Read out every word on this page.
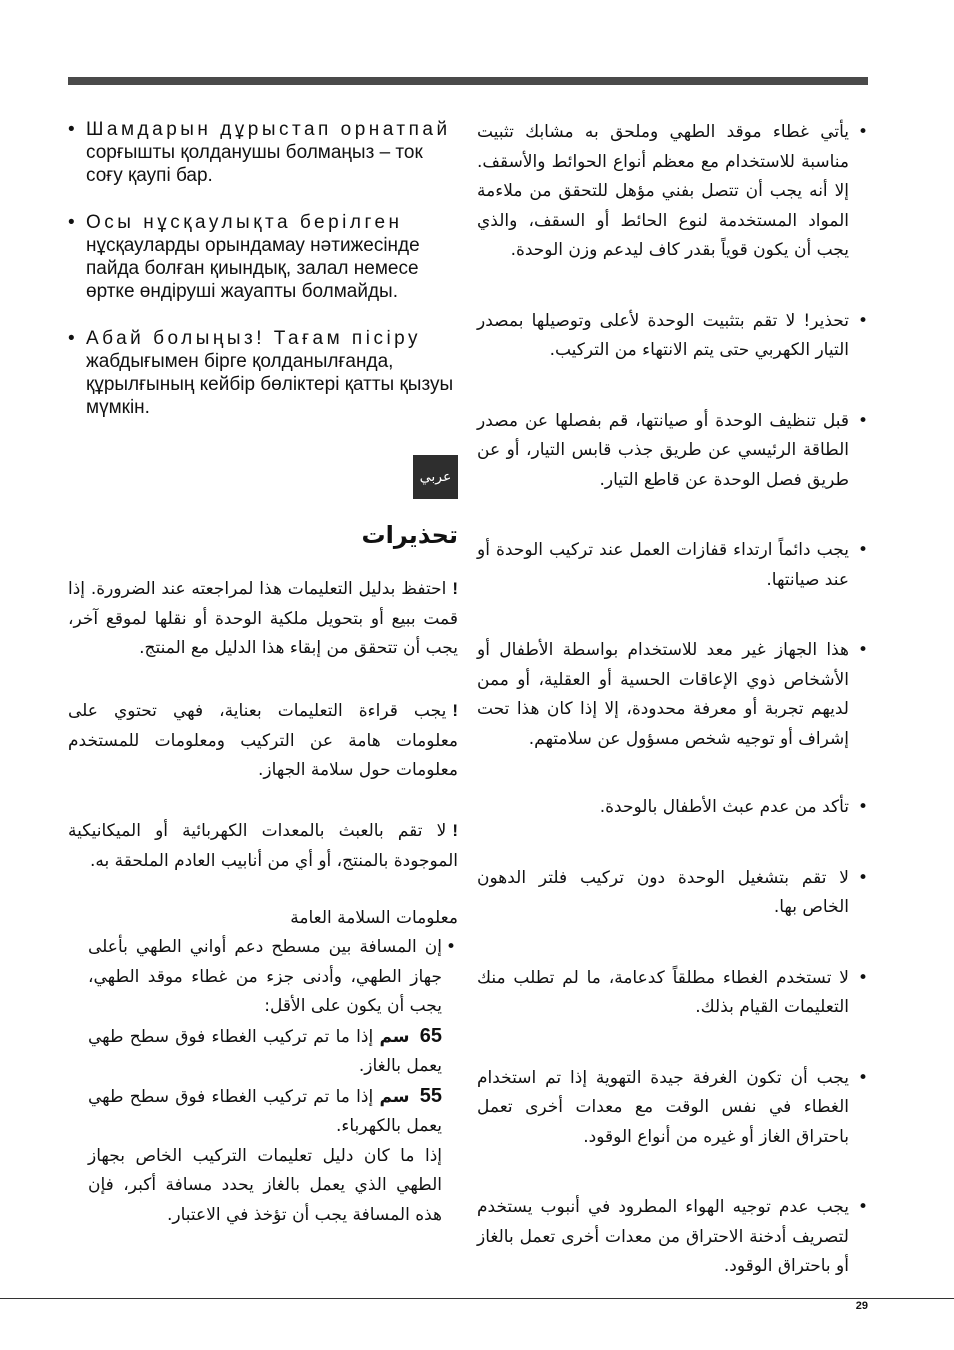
• Шамдарын дұрыстап орнатпай сорғышты қолданушы болмаңыз – ток соғу қаупі бар.
• Осы нұсқаулықта берілген нұсқауларды орындамау нәтижесінде пайда болған қиындық, залал немесе өртке өндіруші жауапты болмайды.
• Абай болыңыз! Тағам пісіру жабдығымен бірге қолданылғанда, құрылғының кейбір бөліктері қатты қызуы мүмкін.
عربي
تحذيرات
!احتفظ بدليل التعليمات هذا لمراجعته عند الضرورة. إذا قمت ببيع أو بتحويل ملكية الوحدة أو نقلها لموقع آخر، يجب أن تتحقق من إبقاء هذا الدليل مع المنتج.
!يجب قراءة التعليمات بعناية، فهي تحتوي على معلومات هامة عن التركيب ومعلومات للمستخدم معلومات حول سلامة الجهاز.
!لا تقم بالعبث بالمعدات الكهربائية أو الميكانيكية الموجودة بالمنتج، أو أي من أنابيب العادم الملحقة به.
معلومات السلامة العامة

• إن المسافة بين مسطح دعم أواني الطهي بأعلى جهاز الطهي، وأدنى جزء من غطاء موقد الطهي، يجب أن يكون على الأقل:

65 سم إذا ما تم تركيب الغطاء فوق سطح طهي يعمل بالغاز.

55 سم إذا ما تم تركيب الغطاء فوق سطح طهي يعمل بالكهرباء.

إذا ما كان دليل تعليمات التركيب الخاص بجهاز الطهي الذي يعمل بالغاز يحدد مسافة أكبر، فإن هذه المسافة يجب أن تؤخذ في الاعتبار.

• يأتي غطاء موقد الطهي وملحق به مشابك تثبيت مناسبة للاستخدام مع معظم أنواع الحوائط والأسقف. إلا أنه يجب أن تتصل بفني مؤهل للتحقق من ملاءمة المواد المستخدمة لنوع الحائط أو السقف، والذي يجب أن يكون قوياً بقدر كاف ليدعم وزن الوحدة.

• تحذير! لا تقم بتثبيت الوحدة لأعلى وتوصيلها بمصدر التيار الكهربي حتى يتم الانتهاء من التركيب.

• قبل تنظيف الوحدة أو صيانتها، قم بفصلها عن مصدر الطاقة الرئيسي عن طريق جذب قابس التيار، أو عن طريق فصل الوحدة عن قاطع التيار.

• يجب دائماً ارتداء قفازات العمل عند تركيب الوحدة أو عند صيانتها.

• هذا الجهاز غير معد للاستخدام بواسطة الأطفال أو الأشخاص ذوي الإعاقات الحسية أو العقلية، أو ممن لديهم تجربة أو معرفة محدودة، إلا إذا كان هذا تحت إشراف أو توجيه شخص مسؤول عن سلامتهم.

• تأكد من عدم عبث الأطفال بالوحدة.

• لا تقم بتشغيل الوحدة دون تركيب فلتر الدهون الخاص بها.

• لا تستخدم الغطاء مطلقاً كدعامة، ما لم تطلب منك التعليمات القيام بذلك.

• يجب أن تكون الغرفة جيدة التهوية إذا تم استخدام الغطاء في نفس الوقت مع معدات أخرى تعمل باحتراق الغاز أو غيره من أنواع الوقود.

• يجب عدم توجيه الهواء المطرود في أنبوب يستخدم لتصريف أدخنة الاحتراق من معدات أخرى تعمل بالغاز أو باحتراق الوقود.

29
